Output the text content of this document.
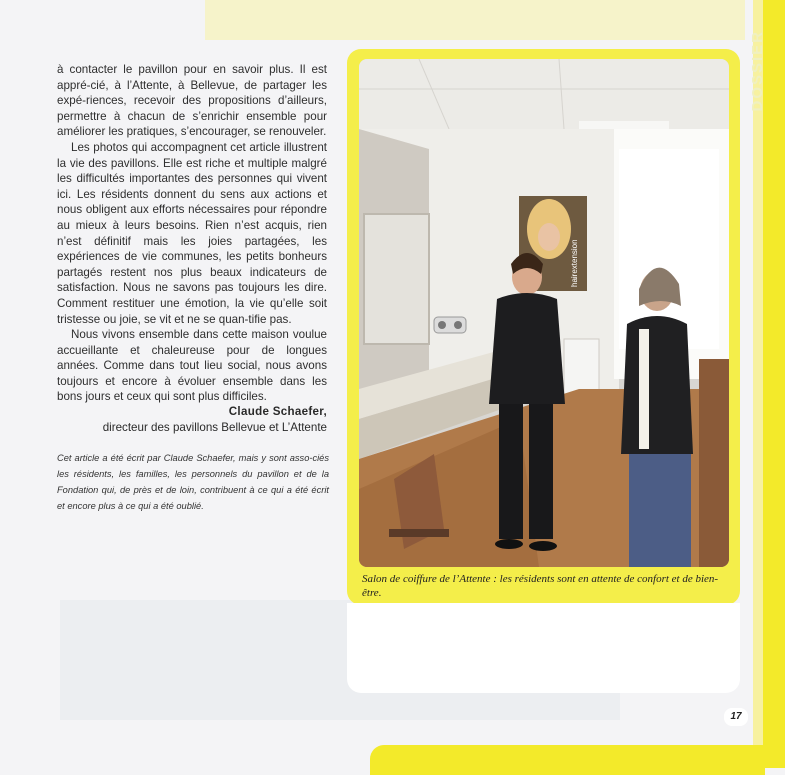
DOSSIER
hairextension
Salon de coiffure de l’Attente : les résidents sont en attente de confort et de bien-être.

à contacter le pavillon pour en savoir plus. Il est appré-cié, à l’Attente, à Bellevue, de partager les expé-riences, recevoir des propositions d’ailleurs, permettre à chacun de s’enrichir ensemble pour améliorer les pratiques, s’encourager, se renouveler.

Les photos qui accompagnent cet article illustrent la vie des pavillons. Elle est riche et multiple malgré les difficultés importantes des personnes qui vivent ici. Les résidents donnent du sens aux actions et nous obligent aux efforts nécessaires pour répondre au mieux à leurs besoins. Rien n’est acquis, rien n’est définitif mais les joies partagées, les expériences de vie communes, les petits bonheurs partagés restent nos plus beaux indicateurs de satisfaction. Nous ne savons pas toujours les dire. Comment restituer une émotion, la vie qu’elle soit tristesse ou joie, se vit et ne se quan-tifie pas.

Nous vivons ensemble dans cette maison voulue accueillante et chaleureuse pour de longues années. Comme dans tout lieu social, nous avons toujours et encore à évoluer ensemble dans les bons jours et ceux qui sont plus difficiles.

Claude Schaefer,
directeur des pavillons Bellevue et L’Attente
Cet article a été écrit par Claude Schaefer, mais y sont asso-ciés les résidents, les familles, les personnels du pavillon et de la Fondation qui, de près et de loin, contribuent à ce qui a été écrit et encore plus à ce qui a été oublié.
17
